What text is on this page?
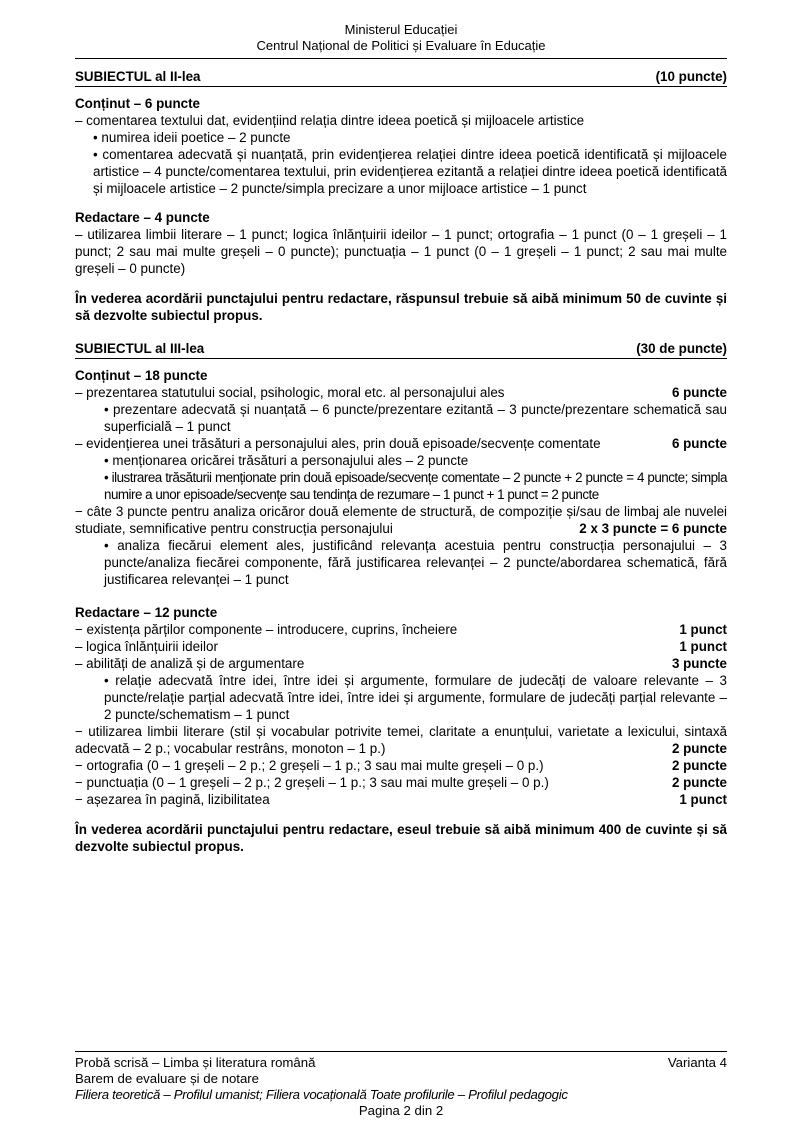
Ministerul Educației
Centrul Național de Politici și Evaluare în Educație
SUBIECTUL al II-lea	(10 puncte)
Conținut – 6 puncte
– comentarea textului dat, evidențiind relația dintre ideea poetică și mijloacele artistice
• numirea ideii poetice – 2 puncte
• comentarea adecvată și nuanțată, prin evidențierea relației dintre ideea poetică identificată și mijloacele artistice – 4 puncte/comentarea textului, prin evidențierea ezitantă a relației dintre ideea poetică identificată și mijloacele artistice – 2 puncte/simpla precizare a unor mijloace artistice – 1 punct
Redactare – 4 puncte
– utilizarea limbii literare – 1 punct; logica înlănțuirii ideilor – 1 punct; ortografia – 1 punct (0 – 1 greșeli – 1 punct; 2 sau mai multe greșeli – 0 puncte); punctuația – 1 punct (0 – 1 greșeli – 1 punct; 2 sau mai multe greșeli – 0 puncte)
În vederea acordării punctajului pentru redactare, răspunsul trebuie să aibă minimum 50 de cuvinte și să dezvolte subiectul propus.
SUBIECTUL al III-lea	(30 de puncte)
Conținut – 18 puncte
– prezentarea statutului social, psihologic, moral etc. al personajului ales	6 puncte
• prezentare adecvată și nuanțată – 6 puncte/prezentare ezitantă – 3 puncte/prezentare schematică sau superficială – 1 punct
– evidențierea unei trăsături a personajului ales, prin două episoade/secvențe comentate	6 puncte
• menționarea oricărei trăsături a personajului ales – 2 puncte
• ilustrarea trăsăturii menționate prin două episoade/secvențe comentate – 2 puncte + 2 puncte = 4 puncte; simpla numire a unor episoade/secvențe sau tendința de rezumare – 1 punct + 1 punct = 2 puncte
− câte 3 puncte pentru analiza oricăror două elemente de structură, de compoziție și/sau de limbaj ale nuvelei studiate, semnificative pentru construcția personajului	2 x 3 puncte = 6 puncte
• analiza fiecărui element ales, justificând relevanța acestuia pentru construcția personajului – 3 puncte/analiza fiecărei componente, fără justificarea relevanței – 2 puncte/abordarea schematică, fără justificarea relevanței – 1 punct
Redactare – 12 puncte
− existența părților componente – introducere, cuprins, încheiere	1 punct
– logica înlănțuirii ideilor	1 punct
– abilități de analiză și de argumentare	3 puncte
• relație adecvată între idei, între idei și argumente, formulare de judecăți de valoare relevante – 3 puncte/relație parțial adecvată între idei, între idei și argumente, formulare de judecăți parțial relevante – 2 puncte/schematism – 1 punct
− utilizarea limbii literare (stil și vocabular potrivite temei, claritate a enunțului, varietate a lexicului, sintaxă adecvată – 2 p.; vocabular restrâns, monoton – 1 p.)	2 puncte
− ortografia (0 – 1 greșeli – 2 p.; 2 greșeli – 1 p.; 3 sau mai multe greșeli – 0 p.)	2 puncte
− punctuația (0 – 1 greșeli – 2 p.; 2 greșeli – 1 p.; 3 sau mai multe greșeli – 0 p.)	2 puncte
− așezarea în pagină, lizibilitatea	1 punct
În vederea acordării punctajului pentru redactare, eseul trebuie să aibă minimum 400 de cuvinte și să dezvolte subiectul propus.
Probă scrisă – Limba și literatura română	Varianta 4
Barem de evaluare și de notare
Filiera teoretică – Profilul umanist; Filiera vocațională Toate profilurile – Profilul pedagogic
Pagina 2 din 2
